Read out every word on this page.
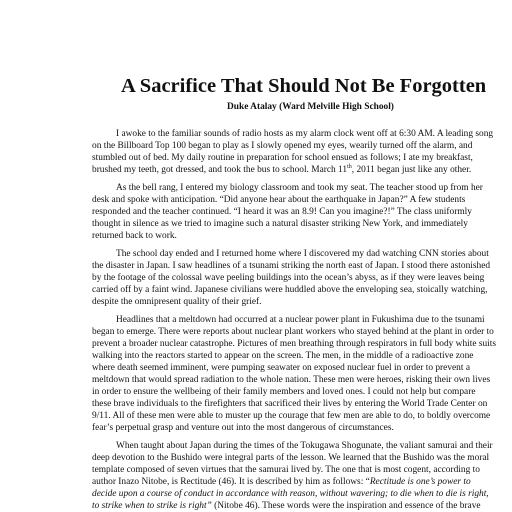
A Sacrifice That Should Not Be Forgotten

Duke Atalay (Ward Melville High School)

I awoke to the familiar sounds of radio hosts as my alarm clock went off at 6:30 AM. A leading song

on the Billboard Top 100 began to play as I slowly opened my eyes, wearily turned off the alarm, and

stumbled out of bed. My daily routine in preparation for school ensued as follows; I ate my breakfast,

brushed my teeth, got dressed, and took the bus to school. March 11th, 2011 began just like any other.

As the bell rang, I entered my biology classroom and took my seat. The teacher stood up from her

desk and spoke with anticipation. “Did anyone hear about the earthquake in Japan?” A few students

responded and the teacher continued. “I heard it was an 8.9! Can you imagine?!” The class uniformly

thought in silence as we tried to imagine such a natural disaster striking New York, and immediately

returned back to work.

The school day ended and I returned home where I discovered my dad watching CNN stories about

the disaster in Japan. I saw headlines of a tsunami striking the north east of Japan. I stood there astonished

by the footage of the colossal wave peeling buildings into the ocean’s abyss, as if they were leaves being

carried off by a faint wind. Japanese civilians were huddled above the enveloping sea, stoically watching,

despite the omnipresent quality of their grief.

Headlines that a meltdown had occurred at a nuclear power plant in Fukushima due to the tsunami

began to emerge. There were reports about nuclear plant workers who stayed behind at the plant in order to

prevent a broader nuclear catastrophe. Pictures of men breathing through respirators in full body white suits

walking into the reactors started to appear on the screen. The men, in the middle of a radioactive zone

where death seemed imminent, were pumping seawater on exposed nuclear fuel in order to prevent a

meltdown that would spread radiation to the whole nation. These men were heroes, risking their own lives

in order to ensure the wellbeing of their family members and loved ones. I could not help but compare

these brave individuals to the firefighters that sacrificed their lives by entering the World Trade Center on

9/11. All of these men were able to muster up the courage that few men are able to do, to boldly overcome

fear’s perpetual grasp and venture out into the most dangerous of circumstances.

When taught about Japan during the times of the Tokugawa Shogunate, the valiant samurai and their

deep devotion to the Bushido were integral parts of the lesson. We learned that the Bushido was the moral

template composed of seven virtues that the samurai lived by. The one that is most cogent, according to

author Inazo Nitobe, is Rectitude (46). It is described by him as follows: “Rectitude is one’s power to

decide upon a course of conduct in accordance with reason, without wavering; to die when to die is right,

to strike when to strike is right” (Nitobe 46). These words were the inspiration and essence of the brave
